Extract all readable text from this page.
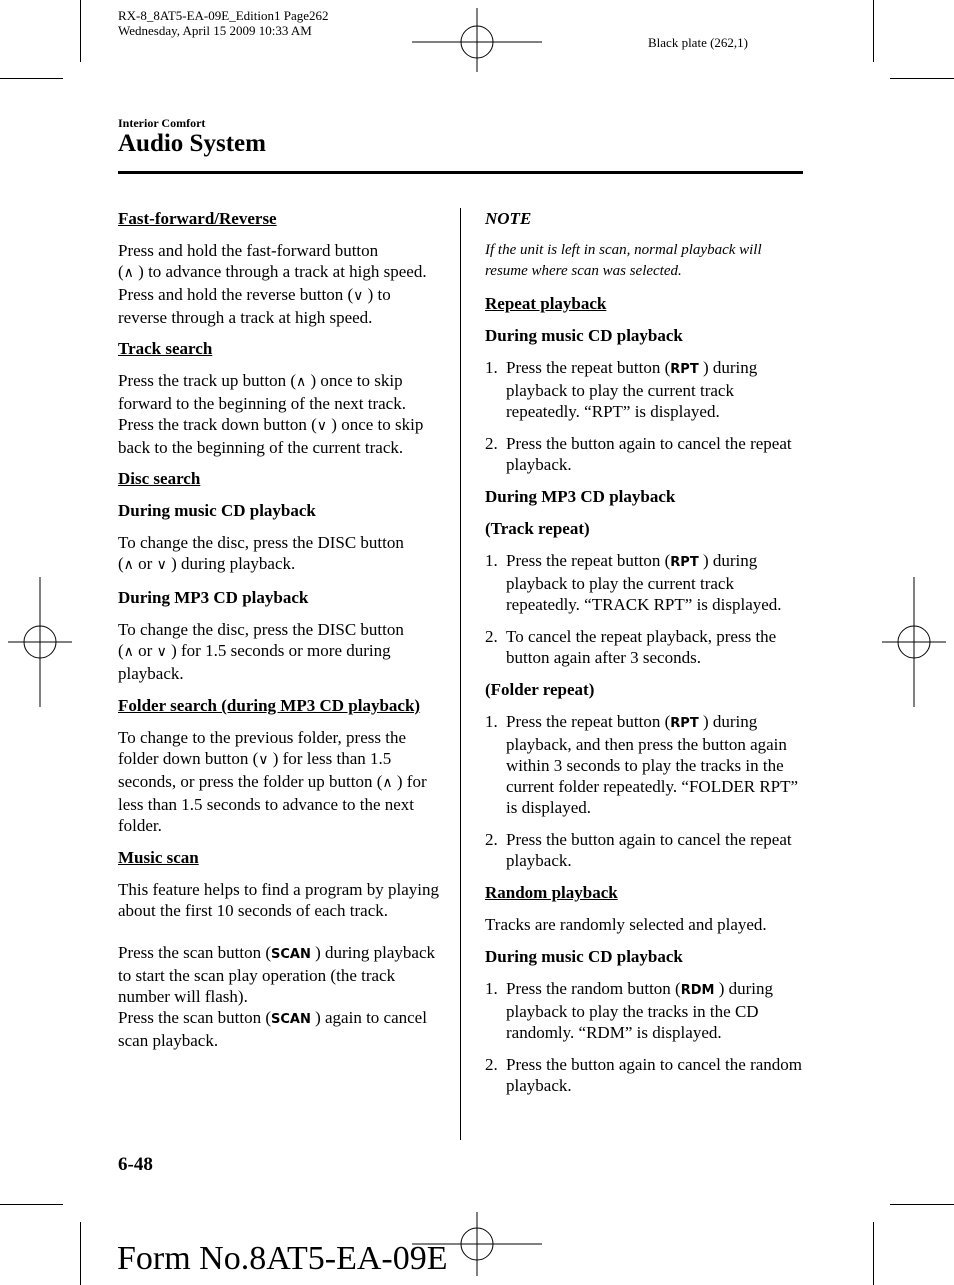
RX-8_8AT5-EA-09E_Edition1 Page262
Wednesday, April 15 2009 10:33 AM
Black plate (262,1)
Interior Comfort
Audio System

Fast-forward/Reverse

Press and hold the fast-forward button
(∧ ) to advance through a track at high speed.
Press and hold the reverse button (∨ ) to reverse through a track at high speed.

Track search

Press the track up button (∧ ) once to skip forward to the beginning of the next track.
Press the track down button (∨ ) once to skip back to the beginning of the current track.

Disc search

During music CD playback

To change the disc, press the DISC button
(∧ or ∨ ) during playback.

During MP3 CD playback

To change the disc, press the DISC button
(∧ or ∨ ) for 1.5 seconds or more during playback.

Folder search (during MP3 CD playback)

To change to the previous folder, press the folder down button (∨ ) for less than 1.5 seconds, or press the folder up button (∧ ) for less than 1.5 seconds to advance to the next folder.

Music scan

This feature helps to find a program by playing about the first 10 seconds of each track.

Press the scan button (SCAN ) during playback to start the scan play operation (the track number will flash).
Press the scan button (SCAN ) again to cancel scan playback.

NOTE

If the unit is left in scan, normal playback will resume where scan was selected.

Repeat playback

During music CD playback

1. Press the repeat button (RPT ) during playback to play the current track repeatedly. “RPT” is displayed.
2. Press the button again to cancel the repeat playback.

During MP3 CD playback

(Track repeat)

1. Press the repeat button (RPT ) during playback to play the current track repeatedly. “TRACK RPT” is displayed.
2. To cancel the repeat playback, press the button again after 3 seconds.

(Folder repeat)

1. Press the repeat button (RPT ) during playback, and then press the button again within 3 seconds to play the tracks in the current folder repeatedly. “FOLDER RPT” is displayed.
2. Press the button again to cancel the repeat playback.

Random playback

Tracks are randomly selected and played.

During music CD playback

1. Press the random button (RDM ) during playback to play the tracks in the CD randomly. “RDM” is displayed.
2. Press the button again to cancel the random playback.
6-48
Form No.8AT5-EA-09E
